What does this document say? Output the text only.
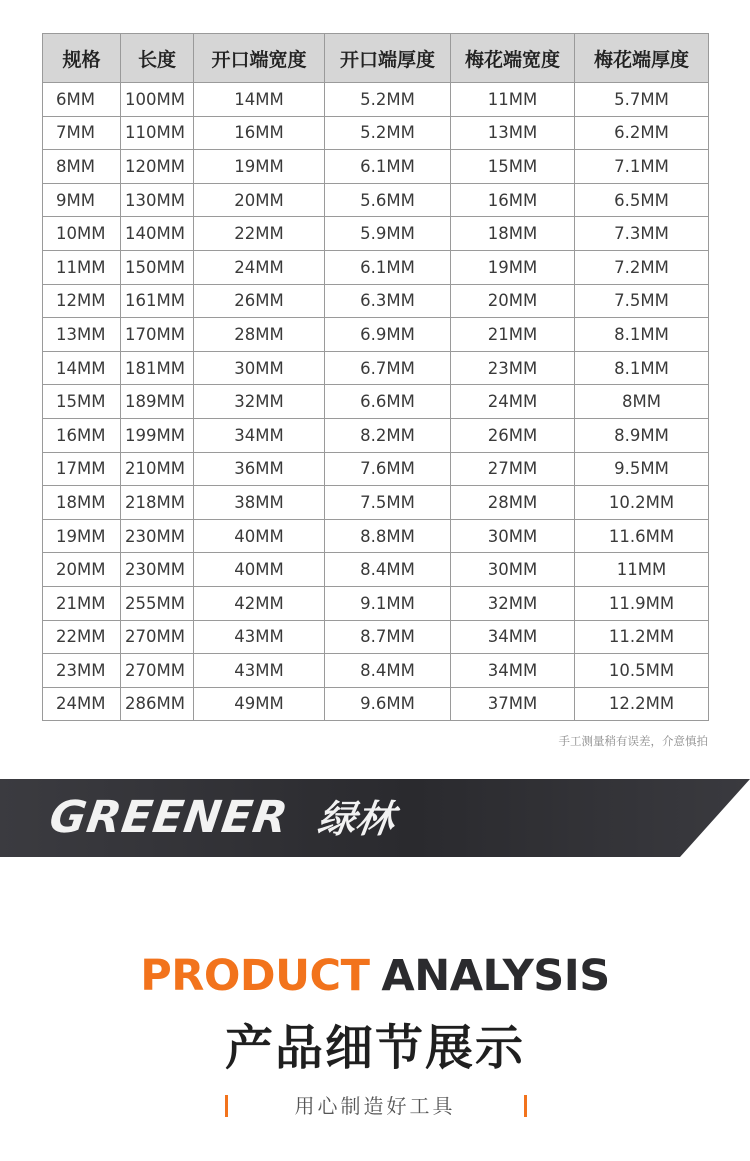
规格	长度	开口端宽度	开口端厚度	梅花端宽度	梅花端厚度
6MM	100MM	14MM	5.2MM	11MM	5.7MM
7MM	110MM	16MM	5.2MM	13MM	6.2MM
8MM	120MM	19MM	6.1MM	15MM	7.1MM
9MM	130MM	20MM	5.6MM	16MM	6.5MM
10MM	140MM	22MM	5.9MM	18MM	7.3MM
11MM	150MM	24MM	6.1MM	19MM	7.2MM
12MM	161MM	26MM	6.3MM	20MM	7.5MM
13MM	170MM	28MM	6.9MM	21MM	8.1MM
14MM	181MM	30MM	6.7MM	23MM	8.1MM
15MM	189MM	32MM	6.6MM	24MM	8MM
16MM	199MM	34MM	8.2MM	26MM	8.9MM
17MM	210MM	36MM	7.6MM	27MM	9.5MM
18MM	218MM	38MM	7.5MM	28MM	10.2MM
19MM	230MM	40MM	8.8MM	30MM	11.6MM
20MM	230MM	40MM	8.4MM	30MM	11MM
21MM	255MM	42MM	9.1MM	32MM	11.9MM
22MM	270MM	43MM	8.7MM	34MM	11.2MM
23MM	270MM	43MM	8.4MM	34MM	10.5MM
24MM	286MM	49MM	9.6MM	37MM	12.2MM
手工测量稍有误差，介意慎拍
GREENER 绿林
PRODUCT ANALYSIS
产品细节展示
用心制造好工具
